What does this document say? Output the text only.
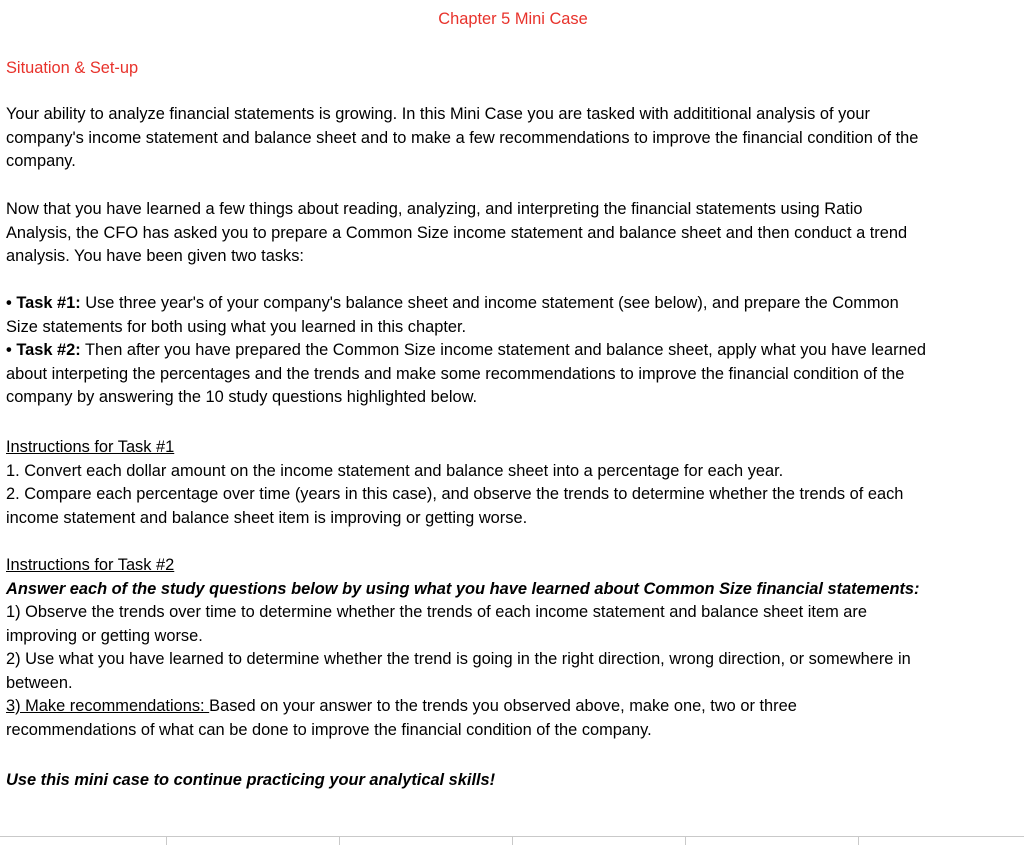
Chapter 5 Mini Case
Situation & Set-up
Your ability to analyze financial statements is growing. In this Mini Case you are tasked with addititional analysis of your
company's income statement and balance sheet and to make a few recommendations to improve the financial condition of the
company.
Now that you have learned a few things about reading, analyzing, and interpreting the financial statements using Ratio
Analysis, the CFO has asked you to prepare a Common Size income statement and balance sheet and then conduct a trend
analysis. You have been given two tasks:
• Task #1: Use three year's of your company's balance sheet and income statement (see below), and prepare the Common
Size statements for both using what you learned in this chapter.
• Task #2: Then after you have prepared the Common Size income statement and balance sheet, apply what you have learned
about interpeting the percentages and the trends and make some recommendations to improve the financial condition of the
company by answering the 10 study questions highlighted below.
Instructions for Task #1
1. Convert each dollar amount on the income statement and balance sheet into a percentage for each year.
2. Compare each percentage over time (years in this case), and observe the trends to determine whether the trends of each
income statement and balance sheet item is improving or getting worse.
Instructions for Task #2
Answer each of the study questions below by using what you have learned about Common Size financial statements:
1) Observe the trends over time to determine whether the trends of each income statement and balance sheet item are
improving or getting worse.
2) Use what you have learned to determine whether the trend is going in the right direction, wrong direction, or somewhere in
between.
3) Make recommendations: Based on your answer to the trends you observed above, make one, two or three
recommendations of what can be done to improve the financial condition of the company.
Use this mini case to continue practicing your analytical skills!
